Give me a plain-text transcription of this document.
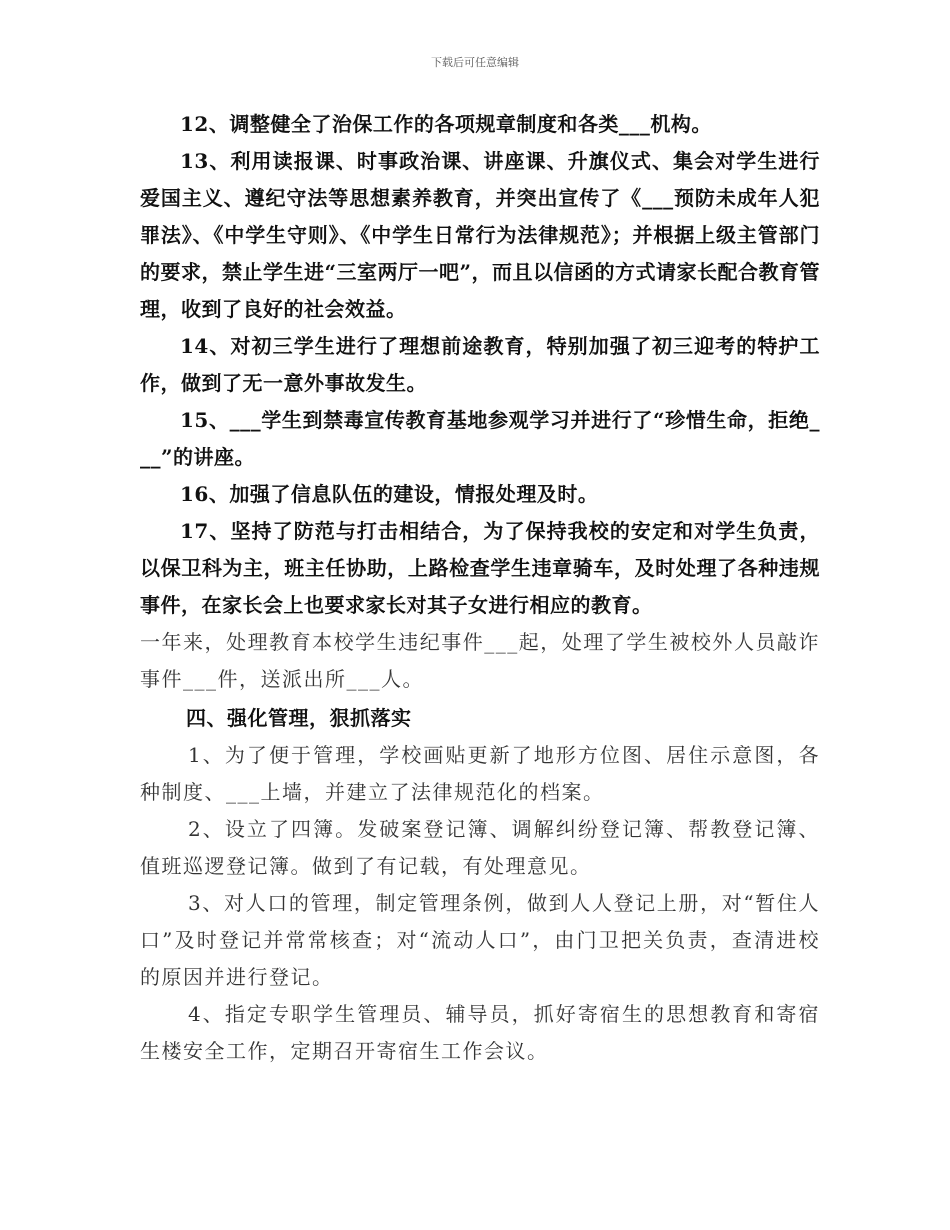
下载后可任意编辑

12、调整健全了治保工作的各项规章制度和各类___机构。

13、利用读报课、时事政治课、讲座课、升旗仪式、集会对学生进行爱国主义、遵纪守法等思想素养教育，并突出宣传了《___预防未成年人犯罪法》、《中学生守则》、《中学生日常行为法律规范》；并根据上级主管部门的要求，禁止学生进“三室两厅一吧”，而且以信函的方式请家长配合教育管理，收到了良好的社会效益。

14、对初三学生进行了理想前途教育，特别加强了初三迎考的特护工作，做到了无一意外事故发生。

15、___学生到禁毒宣传教育基地参观学习并进行了“珍惜生命，拒绝___”的讲座。

16、加强了信息队伍的建设，情报处理及时。

17、坚持了防范与打击相结合，为了保持我校的安定和对学生负责，以保卫科为主，班主任协助，上路检查学生违章骑车，及时处理了各种违规事件，在家长会上也要求家长对其子女进行相应的教育。

一年来，处理教育本校学生违纪事件___起，处理了学生被校外人员敲诈事件___件，送派出所___人。

四、强化管理，狠抓落实

1、为了便于管理，学校画贴更新了地形方位图、居住示意图，各种制度、___上墙，并建立了法律规范化的档案。

2、设立了四簿。发破案登记簿、调解纠纷登记簿、帮教登记簿、值班巡逻登记簿。做到了有记载，有处理意见。

3、对人口的管理，制定管理条例，做到人人登记上册，对“暂住人口”及时登记并常常核查；对“流动人口”，由门卫把关负责，查清进校的原因并进行登记。

4、指定专职学生管理员、辅导员，抓好寄宿生的思想教育和寄宿生楼安全工作，定期召开寄宿生工作会议。
